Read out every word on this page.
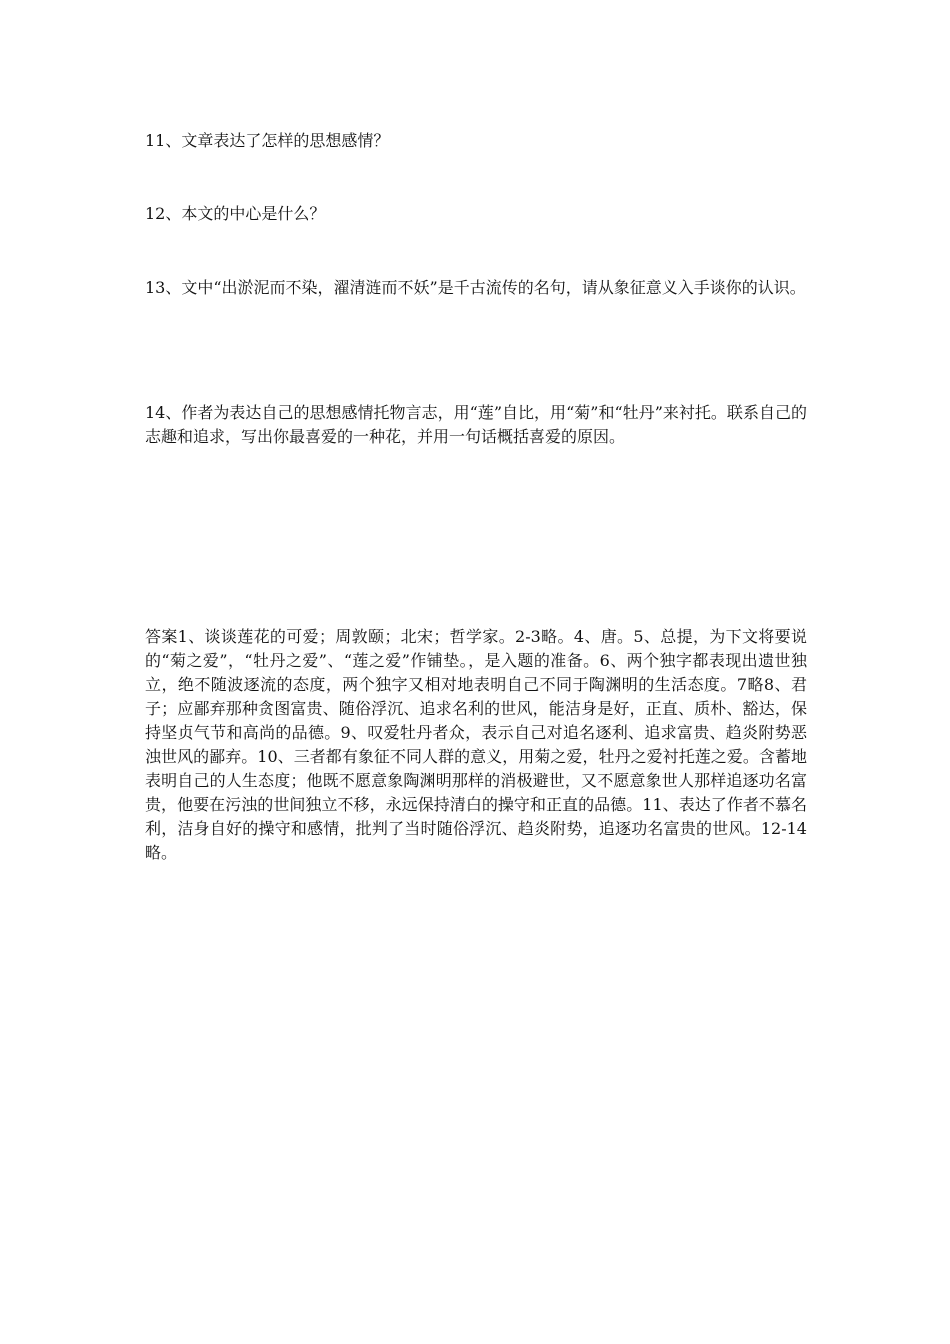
11、文章表达了怎样的思想感情？
12、本文的中心是什么？
13、文中“出淤泥而不染，濯清涟而不妖”是千古流传的名句，请从象征意义入手谈你的认识。
14、作者为表达自己的思想感情托物言志，用“莲”自比，用“菊”和“牡丹”来衬托。联系自己的志趣和追求，写出你最喜爱的一种花，并用一句话概括喜爱的原因。
答案1、谈谈莲花的可爱；周敦颐；北宋；哲学家。2-3略。4、唐。5、总提，为下文将要说的“菊之爱”，“牡丹之爱”、“莲之爱”作铺垫。，是入题的准备。6、两个独字都表现出遗世独立，绝不随波逐流的态度，两个独字又相对地表明自己不同于陶渊明的生活态度。7略8、君子；应鄙弃那种贪图富贵、随俗浮沉、追求名利的世风，能洁身是好，正直、质朴、豁达，保持坚贞气节和高尚的品德。9、叹爱牡丹者众，表示自己对追名逐利、追求富贵、趋炎附势恶浊世风的鄙弃。10、三者都有象征不同人群的意义，用菊之爱，牡丹之爱衬托莲之爱。含蓄地表明自己的人生态度；他既不愿意象陶渊明那样的消极避世，又不愿意象世人那样追逐功名富贵，他要在污浊的世间独立不移，永远保持清白的操守和正直的品德。11、表达了作者不慕名利，洁身自好的操守和感情，批判了当时随俗浮沉、趋炎附势，追逐功名富贵的世风。12-14略。
